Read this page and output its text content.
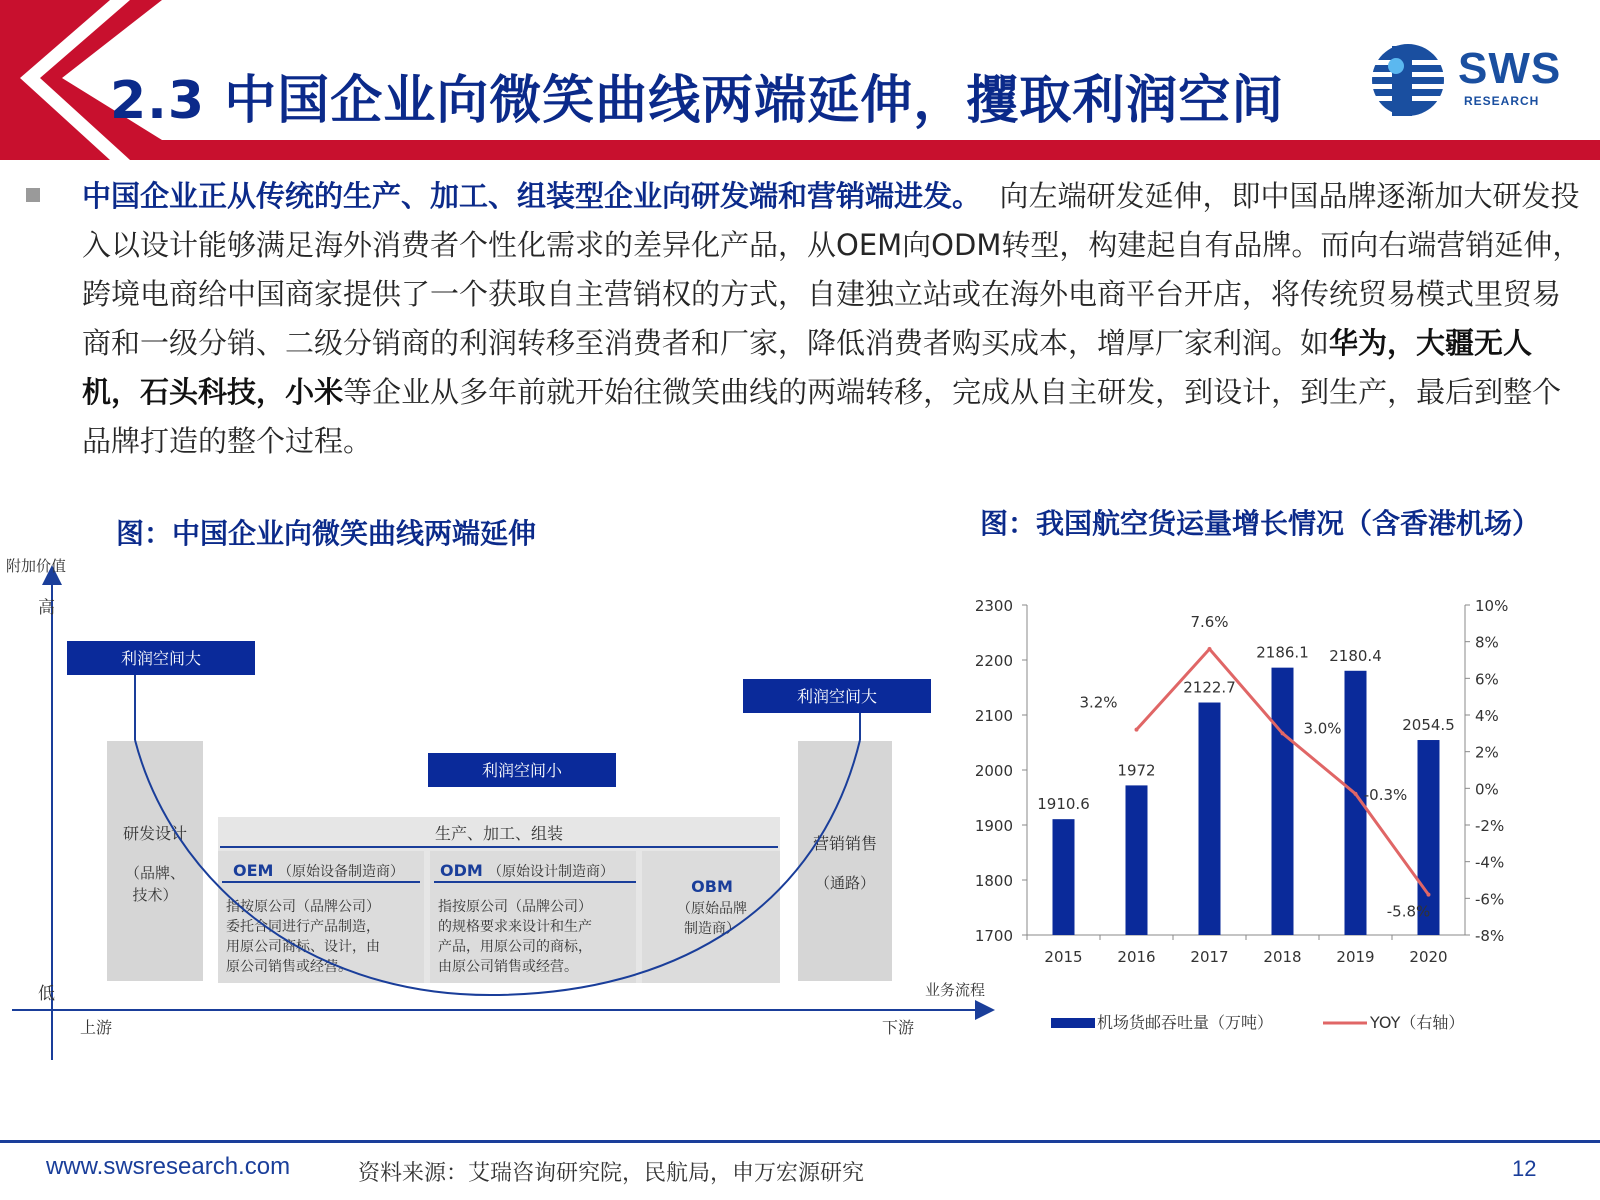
2.3 中国企业向微笑曲线两端延伸，攫取利润空间
SWS
RESEARCH
中国企业正从传统的生产、加工、组装型企业向研发端和营销端进发。 向左端研发延伸，即中国品牌逐渐加大研发投入以设计能够满足海外消费者个性化需求的差异化产品，从OEM向ODM转型，构建起自有品牌。而向右端营销延伸，跨境电商给中国商家提供了一个获取自主营销权的方式，自建独立站或在海外电商平台开店，将传统贸易模式里贸易商和一级分销、二级分销商的利润转移至消费者和厂家，降低消费者购买成本，增厚厂家利润。如华为，大疆无人机，石头科技，小米等企业从多年前就开始往微笑曲线的两端转移，完成从自主研发，到设计，到生产，最后到整个品牌打造的整个过程。
图：中国企业向微笑曲线两端延伸	图：我国航空货运量增长情况（含香港机场）
附加价值
高
低	业务流程
上游	下游
利润空间大
利润空间大
利润空间小
研发设计
（品牌、
技术）
生产、加工、组装
OEM （原始设备制造商）
指按原公司（品牌公司）
委托合同进行产品制造，
用原公司商标、设计，由
原公司销售或经营。
ODM （原始设计制造商）
指按原公司（品牌公司）
的规格要求来设计和生产
产品，用原公司的商标，
由原公司销售或经营。
OBM
（原始品牌
制造商）
营销销售
（通路）
2300
2200
2100
2000
1900
1800
1700
10%
8%
6%
4%
2%
0%
-2%
-4%
-6%
-8%
2015 2016 2017 2018 2019 2020
1910.6
1972
2122.7
2186.1 2180.4
2054.5
3.2%
7.6%
3.0%
-0.3%
-5.8%
机场货邮吞吐量（万吨）	YOY（右轴）
www.swsresearch.com	资料来源：艾瑞咨询研究院，民航局，申万宏源研究	12
